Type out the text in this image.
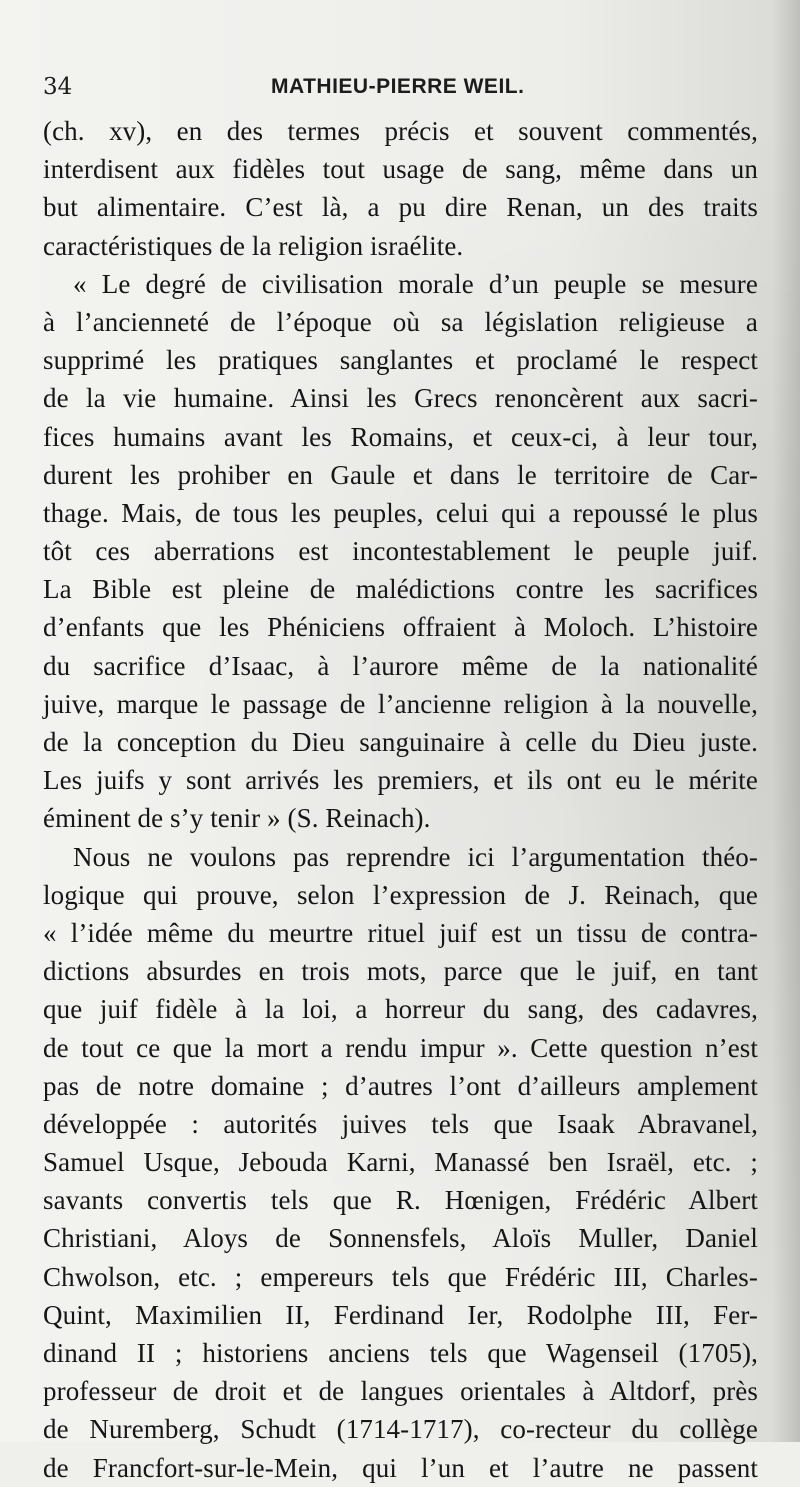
34	MATHIEU-PIERRE WEIL.
(ch. xv), en des termes précis et souvent commentés,
interdisent aux fidèles tout usage de sang, même dans un
but alimentaire. C’est là, a pu dire Renan, un des traits
caractéristiques de la religion israélite.
« Le degré de civilisation morale d’un peuple se mesure
à l’ancienneté de l’époque où sa législation religieuse a
supprimé les pratiques sanglantes et proclamé le respect
de la vie humaine. Ainsi les Grecs renoncèrent aux sacri-
fices humains avant les Romains, et ceux-ci, à leur tour,
durent les prohiber en Gaule et dans le territoire de Car-
thage. Mais, de tous les peuples, celui qui a repoussé le plus
tôt ces aberrations est incontestablement le peuple juif.
La Bible est pleine de malédictions contre les sacrifices
d’enfants que les Phéniciens offraient à Moloch. L’histoire
du sacrifice d’Isaac, à l’aurore même de la nationalité
juive, marque le passage de l’ancienne religion à la nouvelle,
de la conception du Dieu sanguinaire à celle du Dieu juste.
Les juifs y sont arrivés les premiers, et ils ont eu le mérite
éminent de s’y tenir » (S. Reinach).
Nous ne voulons pas reprendre ici l’argumentation théo-
logique qui prouve, selon l’expression de J. Reinach, que
« l’idée même du meurtre rituel juif est un tissu de contra-
dictions absurdes en trois mots, parce que le juif, en tant
que juif fidèle à la loi, a horreur du sang, des cadavres,
de tout ce que la mort a rendu impur ». Cette question n’est
pas de notre domaine ; d’autres l’ont d’ailleurs amplement
développée : autorités juives tels que Isaak Abravanel,
Samuel Usque, Jebouda Karni, Manassé ben Israël, etc. ;
savants convertis tels que R. Hœnigen, Frédéric Albert
Christiani, Aloys de Sonnensfels, Aloïs Muller, Daniel
Chwolson, etc. ; empereurs tels que Frédéric III, Charles-
Quint, Maximilien II, Ferdinand Ier, Rodolphe III, Fer-
dinand II ; historiens anciens tels que Wagenseil (1705),
professeur de droit et de langues orientales à Altdorf, près
de Nuremberg, Schudt (1714-1717), co-recteur du collège
de Francfort-sur-le-Mein, qui l’un et l’autre ne passent
